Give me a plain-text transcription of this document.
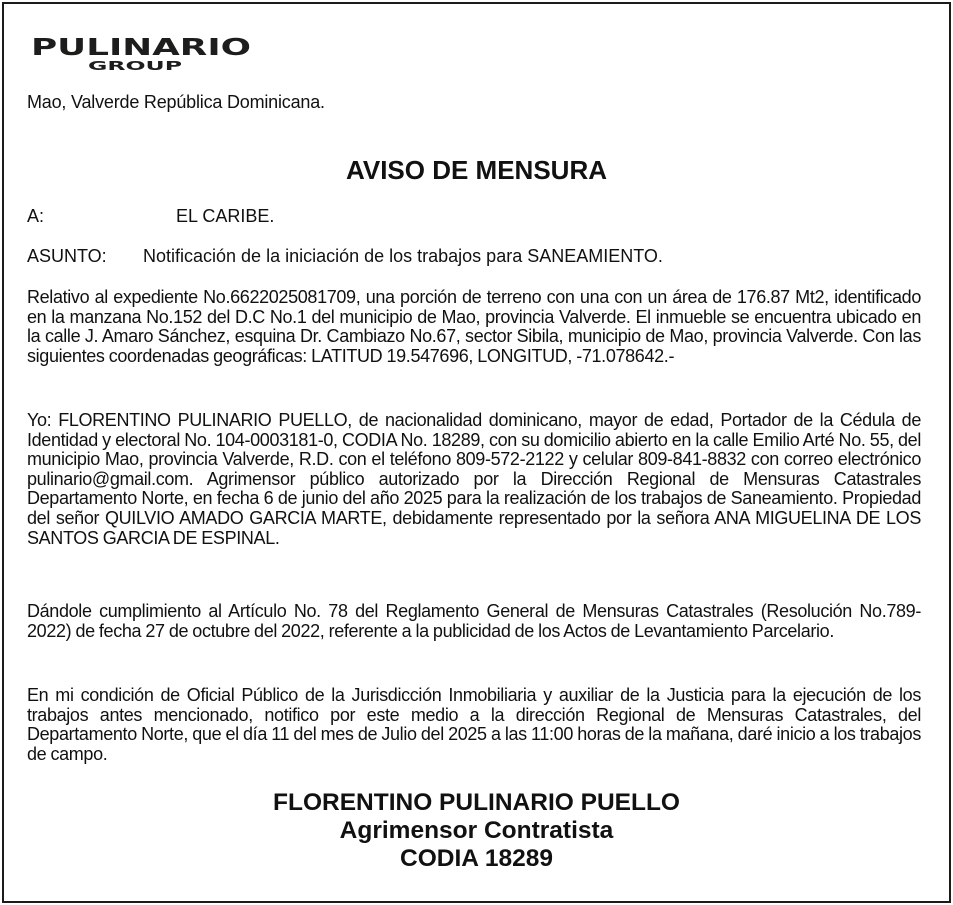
PULINARIO
GROUP
Mao, Valverde República Dominicana.
AVISO DE MENSURA
A:	EL CARIBE.
ASUNTO: Notificación de la iniciación de los trabajos para SANEAMIENTO.
Relativo al expediente No.6622025081709, una porción de terreno con una con un área de 176.87 Mt2, identificado en la manzana No.152 del D.C No.1 del municipio de Mao, provincia Valverde. El inmueble se encuentra ubicado en la calle J. Amaro Sánchez, esquina Dr. Cambiazo No.67, sector Sibila, municipio de Mao, provincia Valverde. Con las siguientes coordenadas geográficas: LATITUD 19.547696, LONGITUD, -71.078642.-
Yo: FLORENTINO PULINARIO PUELLO, de nacionalidad dominicano, mayor de edad, Portador de la Cédula de Identidad y electoral No. 104-0003181-0, CODIA No. 18289, con su domicilio abierto en la calle Emilio Arté No. 55, del municipio Mao, provincia Valverde, R.D. con el teléfono 809-572-2122 y celular 809-841-8832 con correo electrónico pulinario@gmail.com. Agrimensor público autorizado por la Dirección Regional de Mensuras Catastrales Departamento Norte, en fecha 6 de junio del año 2025 para la realización de los trabajos de Saneamiento. Propiedad del señor QUILVIO AMADO GARCIA MARTE, debidamente representado por la señora ANA MIGUELINA DE LOS SANTOS GARCIA DE ESPINAL.
Dándole cumplimiento al Artículo No. 78 del Reglamento General de Mensuras Catastrales (Resolución No.789-2022) de fecha 27 de octubre del 2022, referente a la publicidad de los Actos de Levantamiento Parcelario.
En mi condición de Oficial Público de la Jurisdicción Inmobiliaria y auxiliar de la Justicia para la ejecución de los trabajos antes mencionado, notifico por este medio a la dirección Regional de Mensuras Catastrales, del Departamento Norte, que el día 11 del mes de Julio del 2025 a las 11:00 horas de la mañana, daré inicio a los trabajos de campo.
FLORENTINO PULINARIO PUELLO
Agrimensor Contratista
CODIA 18289
